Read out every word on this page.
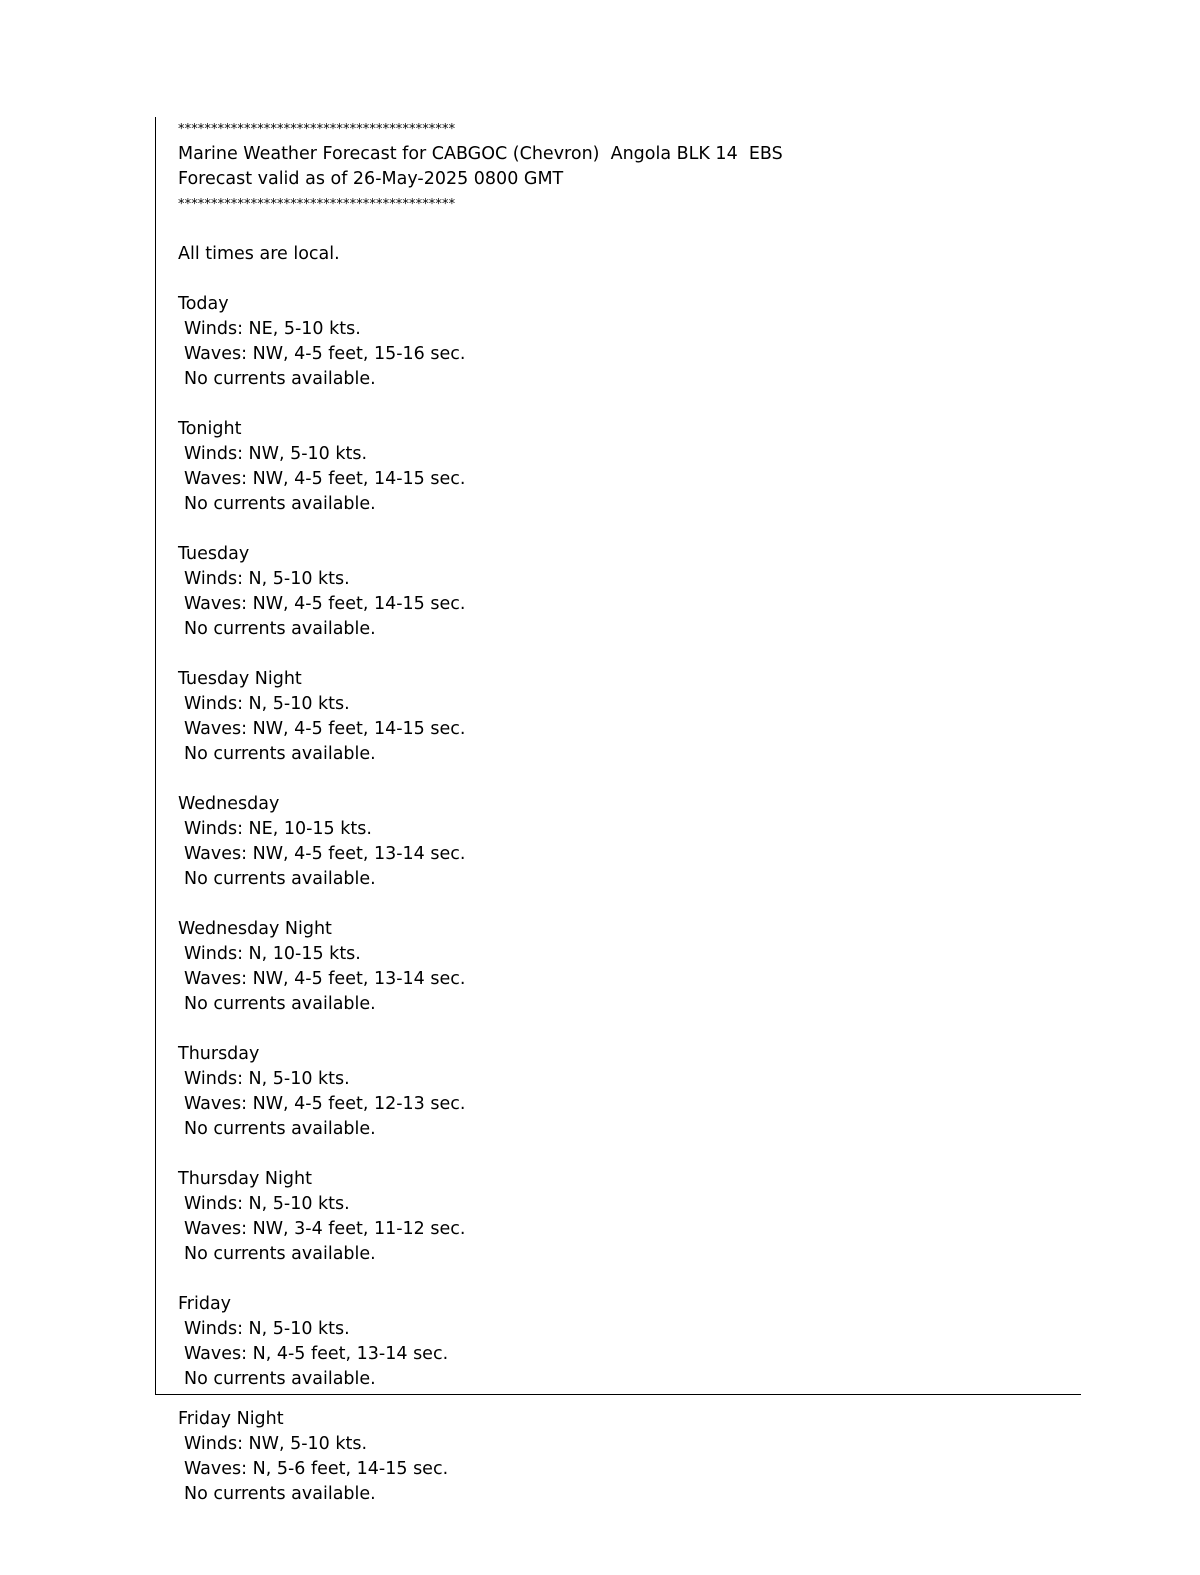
******************************************
Marine Weather Forecast for CABGOC (Chevron)  Angola BLK 14  EBS
Forecast valid as of 26-May-2025 0800 GMT
******************************************
All times are local.
Today
Winds: NE, 5-10 kts.
Waves: NW, 4-5 feet, 15-16 sec.
No currents available.
Tonight
Winds: NW, 5-10 kts.
Waves: NW, 4-5 feet, 14-15 sec.
No currents available.
Tuesday
Winds: N, 5-10 kts.
Waves: NW, 4-5 feet, 14-15 sec.
No currents available.
Tuesday Night
Winds: N, 5-10 kts.
Waves: NW, 4-5 feet, 14-15 sec.
No currents available.
Wednesday
Winds: NE, 10-15 kts.
Waves: NW, 4-5 feet, 13-14 sec.
No currents available.
Wednesday Night
Winds: N, 10-15 kts.
Waves: NW, 4-5 feet, 13-14 sec.
No currents available.
Thursday
Winds: N, 5-10 kts.
Waves: NW, 4-5 feet, 12-13 sec.
No currents available.
Thursday Night
Winds: N, 5-10 kts.
Waves: NW, 3-4 feet, 11-12 sec.
No currents available.
Friday
Winds: N, 5-10 kts.
Waves: N, 4-5 feet, 13-14 sec.
No currents available.
Friday Night
Winds: NW, 5-10 kts.
Waves: N, 5-6 feet, 14-15 sec.
No currents available.
